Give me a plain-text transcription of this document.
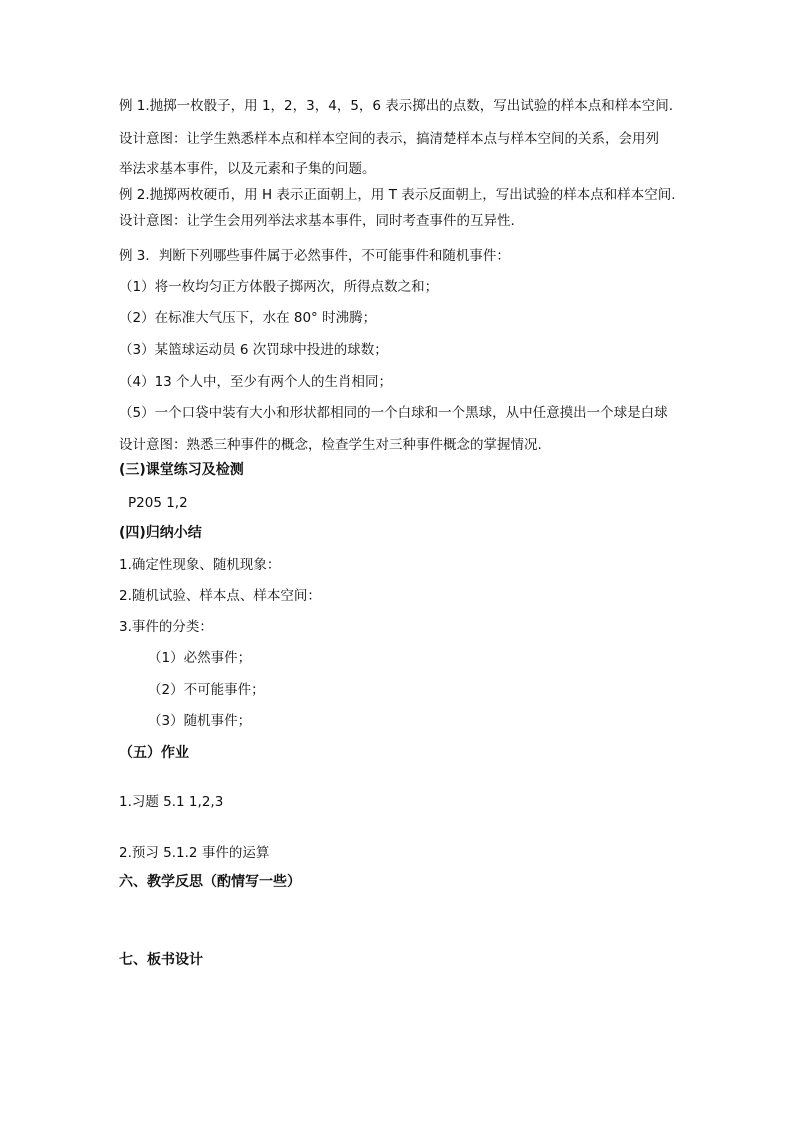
例 1.抛掷一枚骰子，用 1，2，3，4，5，6 表示掷出的点数，写出试验的样本点和样本空间.
设计意图：让学生熟悉样本点和样本空间的表示，搞清楚样本点与样本空间的关系，会用列
举法求基本事件，以及元素和子集的问题。
例 2.抛掷两枚硬币，用 H 表示正面朝上，用 T 表示反面朝上，写出试验的样本点和样本空间.
设计意图：让学生会用列举法求基本事件，同时考查事件的互异性.
例 3．判断下列哪些事件属于必然事件，不可能事件和随机事件：
（1）将一枚均匀正方体骰子掷两次，所得点数之和；
（2）在标准大气压下，水在 80° 时沸腾；
（3）某篮球运动员 6 次罚球中投进的球数；
（4）13 个人中，至少有两个人的生肖相同；
（5）一个口袋中装有大小和形状都相同的一个白球和一个黑球，从中任意摸出一个球是白球
设计意图：熟悉三种事件的概念，检查学生对三种事件概念的掌握情况.
(三)课堂练习及检测
P205 1,2
(四)归纳小结
1.确定性现象、随机现象：
2.随机试验、样本点、样本空间：
3.事件的分类：
（1）必然事件；
（2）不可能事件；
（3）随机事件；
（五）作业
1.习题 5.1 1,2,3
2.预习 5.1.2 事件的运算
六、教学反思（酌情写一些）
七、板书设计
